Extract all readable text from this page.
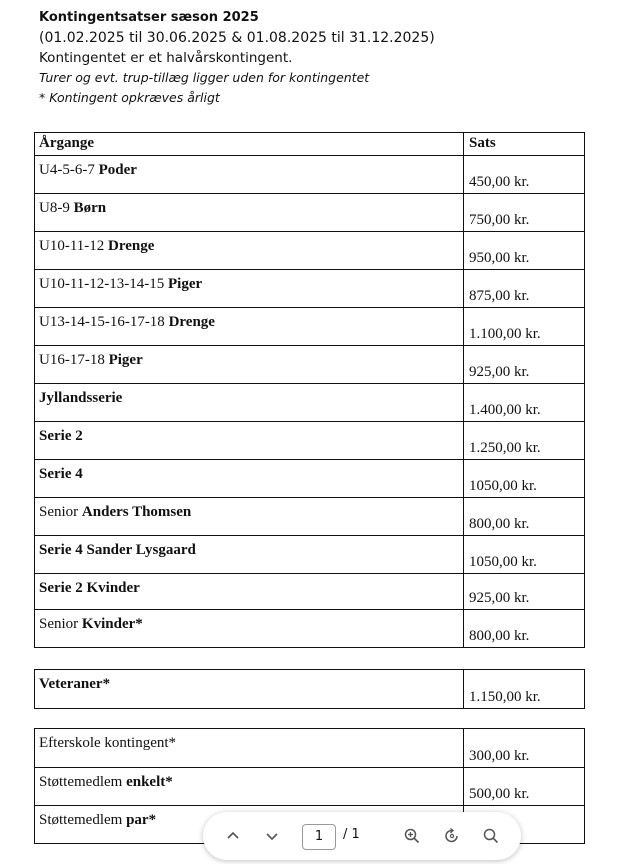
Kontingentsatser sæson 2025
(01.02.2025 til 30.06.2025 & 01.08.2025 til 31.12.2025)
Kontingentet er et halvårskontingent.
Turer og evt. trup-tillæg ligger uden for kontingentet
* Kontingent opkræves årligt
Årgange	Sats
U4-5-6-7 Poder
450,00 kr.
U8-9 Børn
750,00 kr.
U10-11-12 Drenge
950,00 kr.
U10-11-12-13-14-15 Piger
875,00 kr.
U13-14-15-16-17-18 Drenge
1.100,00 kr.
U16-17-18 Piger
925,00 kr.
Jyllandsserie
1.400,00 kr.
Serie 2
1.250,00 kr.
Serie 4
1050,00 kr.
Senior Anders Thomsen
800,00 kr.
Serie 4 Sander Lysgaard
1050,00 kr.
Serie 2 Kvinder
925,00 kr.
Senior Kvinder*
800,00 kr.
Veteraner*
1.150,00 kr.
Efterskole kontingent*
300,00 kr.
Støttemedlem enkelt*
500,00 kr.
Støttemedlem par*
1	/ 1
